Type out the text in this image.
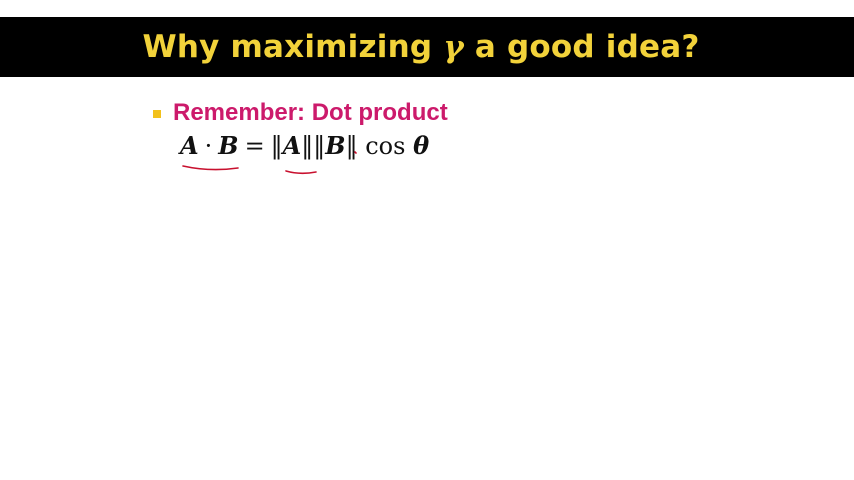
Why maximizing γ a good idea?
Remember: Dot product
A · B = ‖A‖‖B‖ cos θ
